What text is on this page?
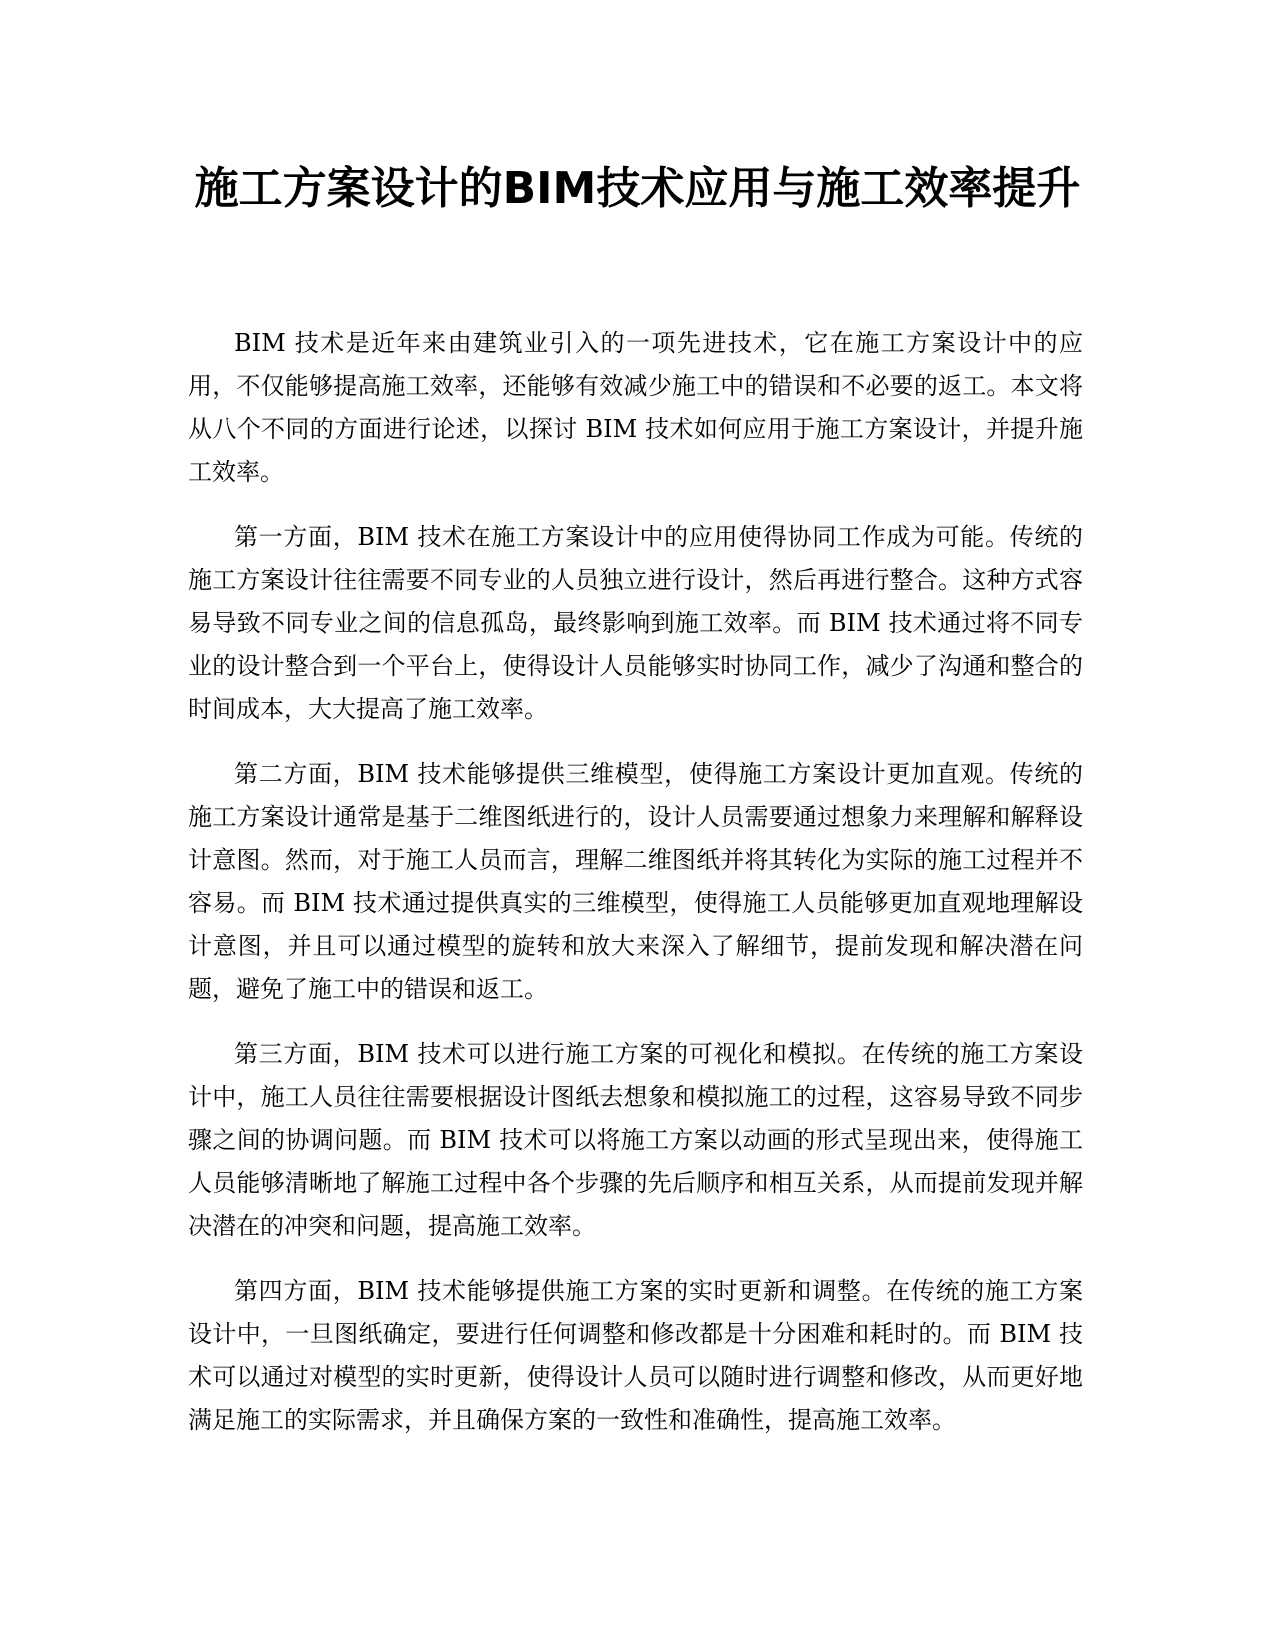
施工方案设计的BIM技术应用与施工效率提升

BIM 技术是近年来由建筑业引入的一项先进技术，它在施工方案设计中的应用，不仅能够提高施工效率，还能够有效减少施工中的错误和不必要的返工。本文将从八个不同的方面进行论述，以探讨 BIM 技术如何应用于施工方案设计，并提升施工效率。

第一方面，BIM 技术在施工方案设计中的应用使得协同工作成为可能。传统的施工方案设计往往需要不同专业的人员独立进行设计，然后再进行整合。这种方式容易导致不同专业之间的信息孤岛，最终影响到施工效率。而 BIM 技术通过将不同专业的设计整合到一个平台上，使得设计人员能够实时协同工作，减少了沟通和整合的时间成本，大大提高了施工效率。

第二方面，BIM 技术能够提供三维模型，使得施工方案设计更加直观。传统的施工方案设计通常是基于二维图纸进行的，设计人员需要通过想象力来理解和解释设计意图。然而，对于施工人员而言，理解二维图纸并将其转化为实际的施工过程并不容易。而 BIM 技术通过提供真实的三维模型，使得施工人员能够更加直观地理解设计意图，并且可以通过模型的旋转和放大来深入了解细节，提前发现和解决潜在问题，避免了施工中的错误和返工。

第三方面，BIM 技术可以进行施工方案的可视化和模拟。在传统的施工方案设计中，施工人员往往需要根据设计图纸去想象和模拟施工的过程，这容易导致不同步骤之间的协调问题。而 BIM 技术可以将施工方案以动画的形式呈现出来，使得施工人员能够清晰地了解施工过程中各个步骤的先后顺序和相互关系，从而提前发现并解决潜在的冲突和问题，提高施工效率。

第四方面，BIM 技术能够提供施工方案的实时更新和调整。在传统的施工方案设计中，一旦图纸确定，要进行任何调整和修改都是十分困难和耗时的。而 BIM 技术可以通过对模型的实时更新，使得设计人员可以随时进行调整和修改，从而更好地满足施工的实际需求，并且确保方案的一致性和准确性，提高施工效率。
